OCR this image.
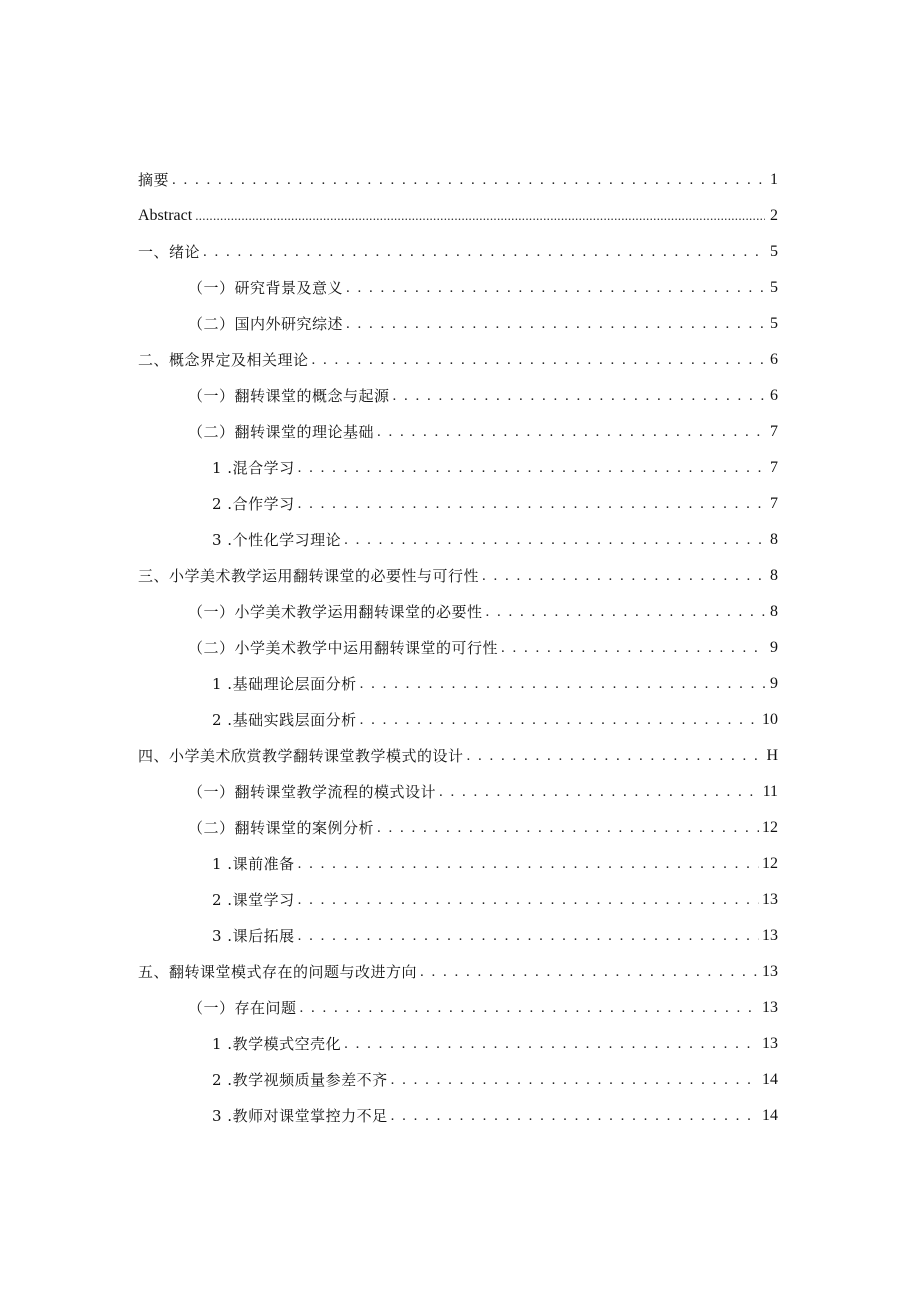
摘要 . . .	1
Abstract .....	2
一、绪论 . . .	5
（一）研究背景及意义 . . .	5
（二）国内外研究综述 . . .	5
二、概念界定及相关理论 . . .	6
（一）翻转课堂的概念与起源 . . .	6
（二）翻转课堂的理论基础 . . .	7
1 .混合学习 . . .	7
2 .合作学习 . . .	7
3 .个性化学习理论 . . .	8
三、小学美术教学运用翻转课堂的必要性与可行性 . . .	8
（一）小学美术教学运用翻转课堂的必要性 . . .	8
（二）小学美术教学中运用翻转课堂的可行性 . . .	9
1 .基础理论层面分析 . . .	9
2 .基础实践层面分析 . . .	10
四、小学美术欣赏教学翻转课堂教学模式的设计 . . .	H
（一）翻转课堂教学流程的模式设计 . . .	11
（二）翻转课堂的案例分析 . . .	12
1 .课前准备 . . .	12
2 .课堂学习 . . .	13
3 .课后拓展 . . .	13
五、翻转课堂模式存在的问题与改进方向 . . .	13
（一）存在问题 . . .	13
1 .教学模式空壳化 . . .	13
2 .教学视频质量参差不齐 . . .	14
3 .教师对课堂掌控力不足 . . .	14
